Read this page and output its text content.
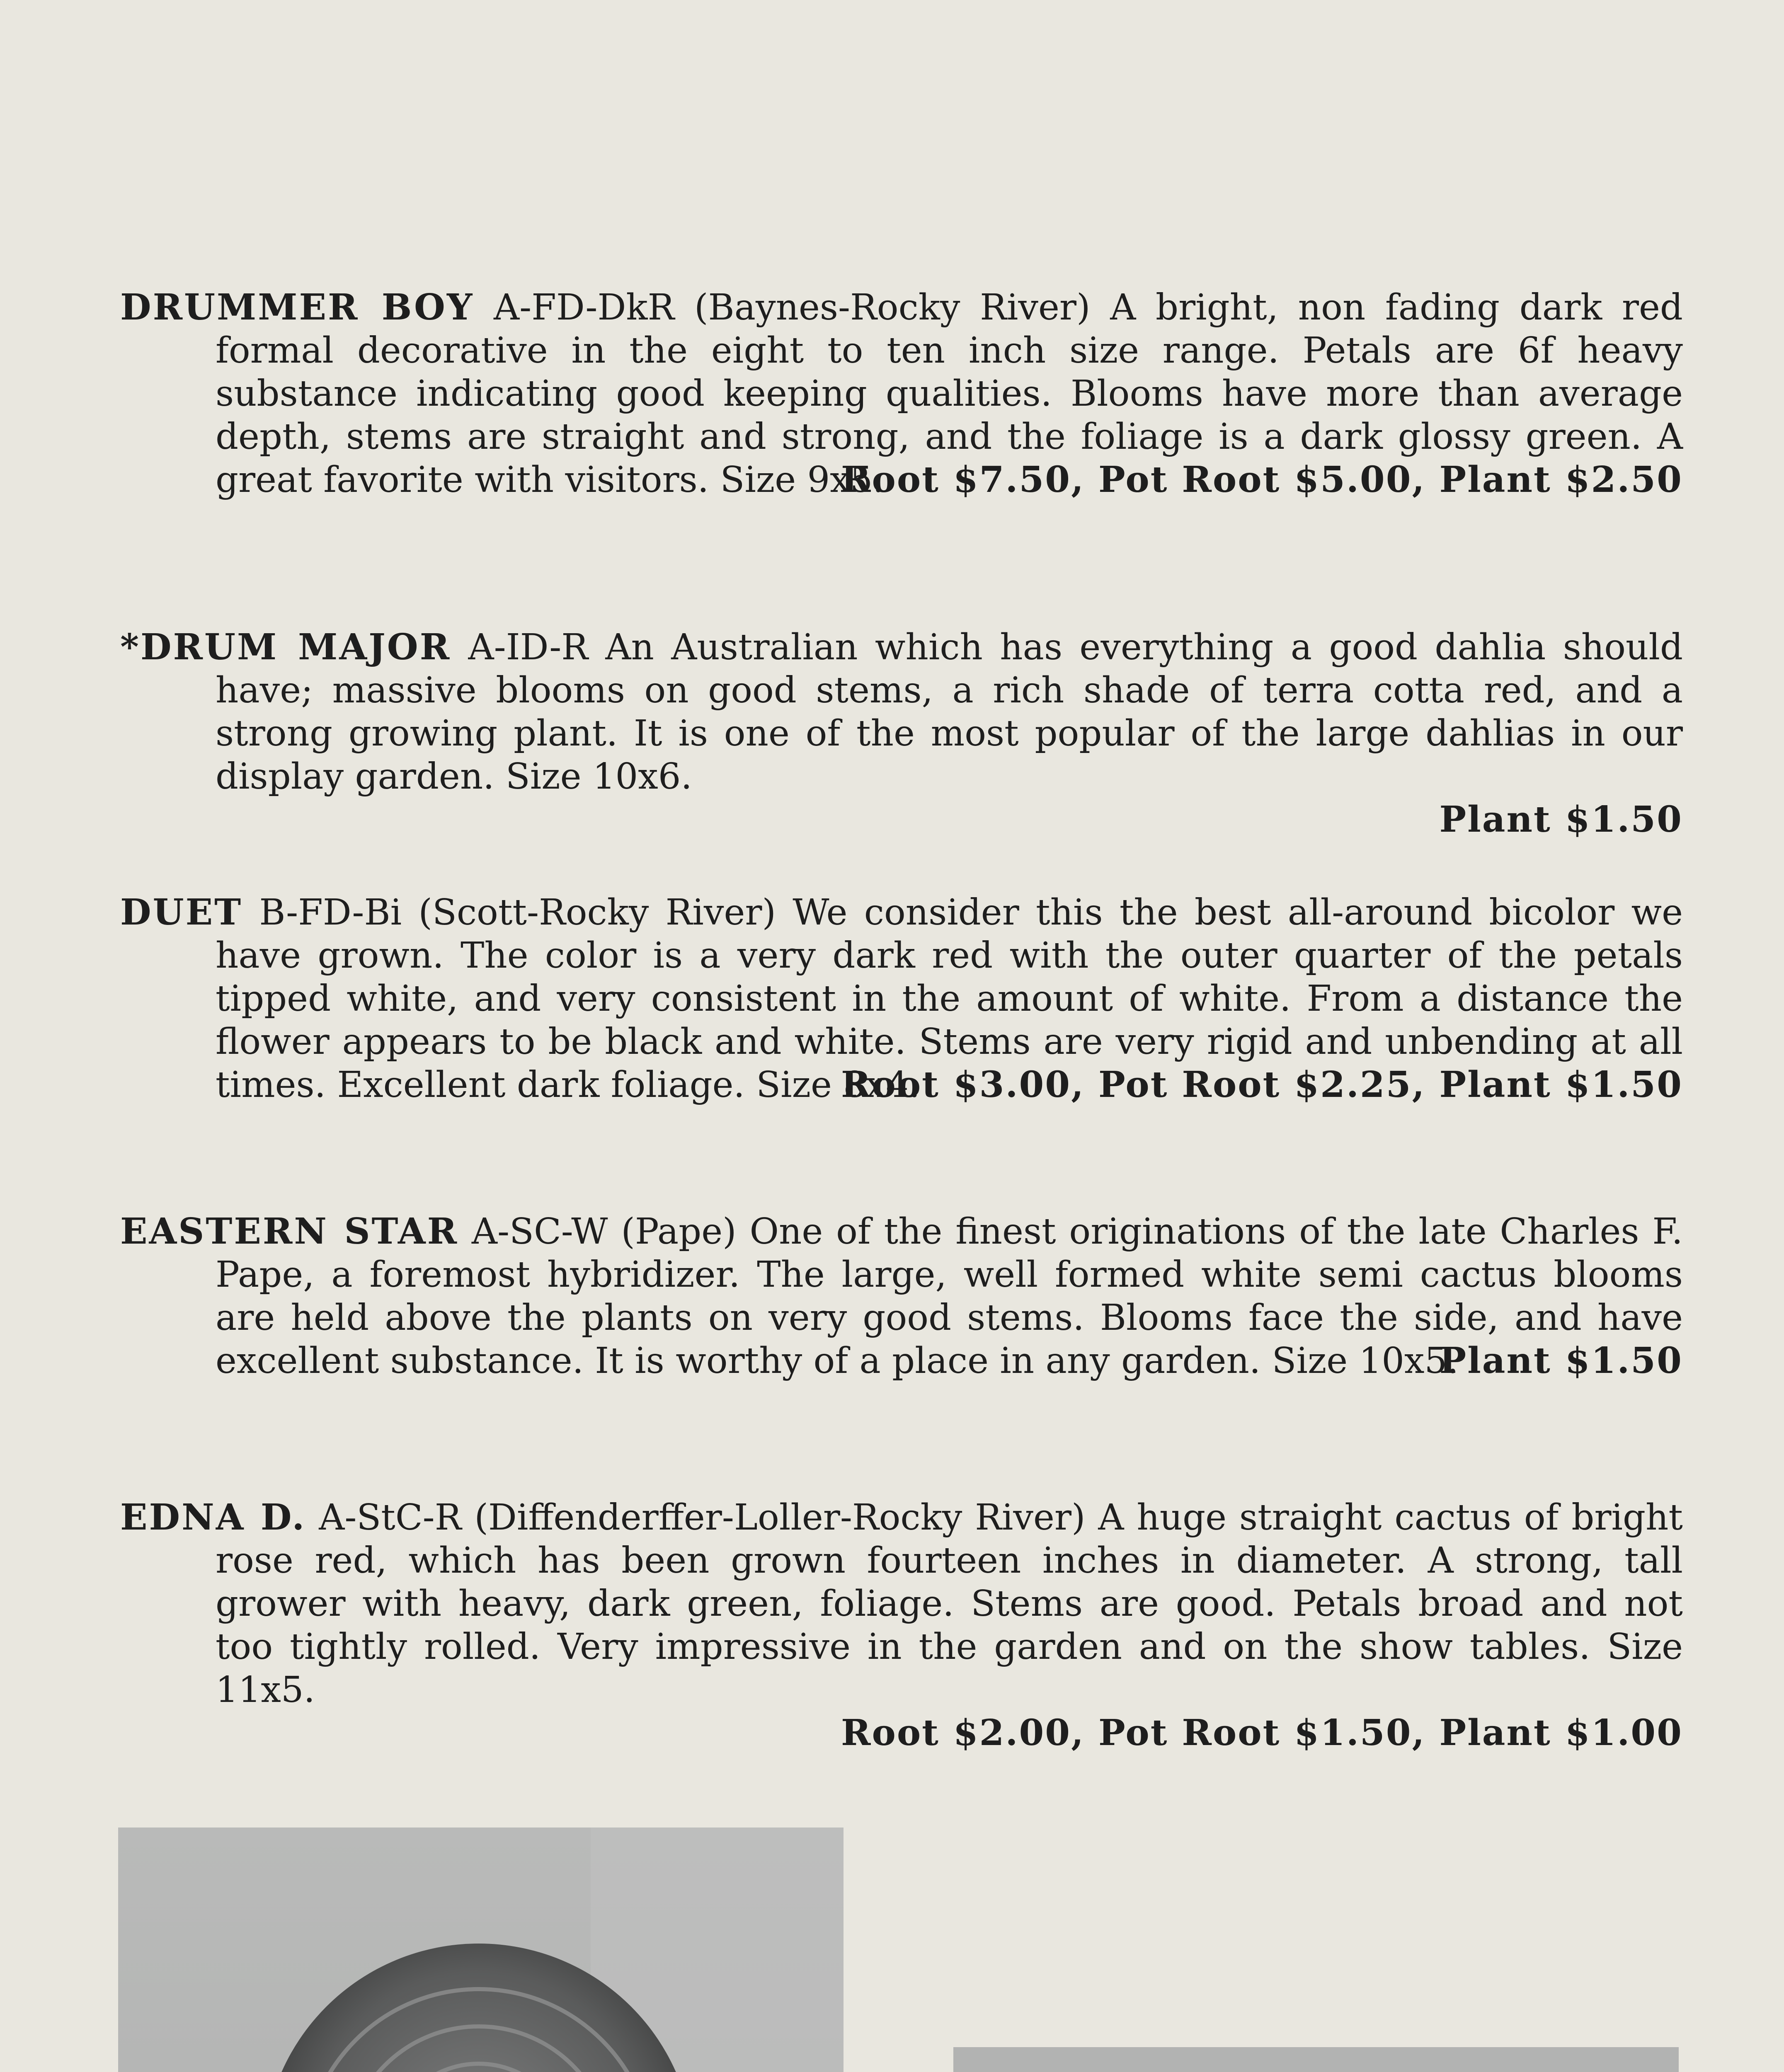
DRUMMER BOY A-FD-DkR (Baynes-Rocky River) A bright, non fading dark red formal decorative in the eight to ten inch size range. Petals are 6f heavy substance indicating good keeping qualities. Blooms have more than average depth, stems are straight and strong, and the foliage is a dark glossy green. A great favorite with visitors. Size 9x5.
Root $7.50, Pot Root $5.00, Plant $2.50

*DRUM MAJOR A-ID-R An Australian which has everything a good dahlia should have; massive blooms on good stems, a rich shade of terra cotta red, and a strong growing plant. It is one of the most popular of the large dahlias in our display garden. Size 10x6.

Plant $1.50

DUET B-FD-Bi (Scott-Rocky River) We consider this the best all-around bicolor we have grown. The color is a very dark red with the outer quarter of the petals tipped white, and very consistent in the amount of white. From a distance the flower appears to be black and white. Stems are very rigid and unbending at all times. Excellent dark foliage. Size 8x4.
Root $3.00, Pot Root $2.25, Plant $1.50

EASTERN STAR A-SC-W (Pape) One of the finest originations of the late Charles F. Pape, a foremost hybridizer. The large, well formed white semi cactus blooms are held above the plants on very good stems. Blooms face the side, and have excellent substance. It is worthy of a place in any garden. Size 10x5.
Plant $1.50

EDNA D. A-StC-R (Diffenderffer-Loller-Rocky River) A huge straight cactus of bright rose red, which has been grown fourteen inches in diameter. A strong, tall grower with heavy, dark green, foliage. Stems are good. Petals broad and not too tightly rolled. Very impressive in the garden and on the show tables. Size 11x5.

Root $2.00, Pot Root $1.50, Plant $1.00
